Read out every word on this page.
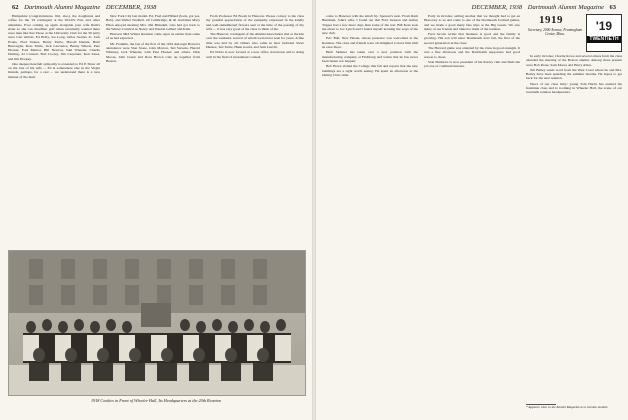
62 Dartmouth Alumni Magazine DECEMBER, 1938

Hampshire (congratulations, Jim, also), the doughnuts and coffee for the '19 contingent at the World's Fair, and other amenities. Ever coming up again alongside your wife Ruth's sister so she can chauffeur golf when eventually wanted there were men like Sue Those at the University Club for the 50 party were Curt Abbott, Ed Holly, Joe Long, Gilles Searles Jr., Jack Evans, Fred Stokes, Henry Tuttle, Harold Dennis, Herb Burroughs, Ross Tuttle, Jack Lawrence, Benny Wilson, Pete Hooker, Fred Mentor, Bill Newton, Sam Wheeler, Charlie Darling, Al Crossett, Bob Cooley, Jim Carpenter, Ken Jones, and Jim Hockey.

One deepest heartfelt sympathy is extended to Ed P. Shaw all on the loss of his wife ... Ed is somewhere else in the Virgin Islands, perhaps, for a rest ... we understand there is a new manner of the mail.

New York City last month. Ed, Fred and Hillard (back, got yes, Bob), and Weller Waddell. Of Cambridge, & all doubtless Mary Ellen enjoyed meeting Mrs. Jim Blaisdell, who had got back to the Winter Carnival as Nancy and Weston Gilbert and Kath.

Hanover Mid-Winter Reunion came upon us earlier than some of us had expected.

Mr. Franklin, the last of the first of the 1919 Amongst Boston's attendance were Stan Stone, John Morton, Ted Stevens, Harold Whitney, Jack Wheeler, with Pete Hooker and others. Dick Moore, John Green and Ross Brown rode up together from Boston.

From Professor Ed Booth in Hanover. Please convey to the class my grateful appreciation of the sympathy expressed in the kindly and well-remembered flowers sent at the time of the passing of my wife ... it was very good of the class to think of me.

The Hanover contingent of the Alumni Association met at the Inn over the weekend, several of whom we had not seen for years. A fine time was had by all. Others who came in later included Steve Durkee, Ted Tuttle, Hank Gould, and Sam Leavitt.

Ed Noble is now located at a new office downtown and is doing well in the field of investment counsel.

1918 Cookies in Front of Wheeler Hall, Its Headquarters at the 20th Reunion
DECEMBER, 1938 Dartmouth Alumni Magazine 63

come to Hanover with the small fry. Spencer's next. From Ruth Burnham, John's wife, I found out that Fred Jackson and Arthur Tupper had a few more days than some of the rest. Bill Kent took me about to Joe Lynch and I found myself learning the ways of the new club.

Eric Ball, New Haven, whose presence was welcomed at the Reunion. The class and friends were all delighted to have him with us once more.

Herb Skinner has taken over a new position with the manufacturing company at Fitchburg and writes that he has never been busier nor happier.

Bob Howe visited the College this fall and reports that the new buildings are a sight worth seeing. He spent an afternoon at the Outing Club cabin.

Early in October, sailing another that we thought had to get an Honorary to us and come to one of the Dartmouth football games, and we made a good many fine trips at the Big Green. We saw many of our friends and talked to them of the reunion.

Fred Jacobs writes that business is good and the family is growing. His son will enter Dartmouth next fall, the first of the second generation in the class.

The Harvard game was attended by the class in good strength. It was a fine afternoon and the Dartmouth supporters had good reason to cheer.

Stan Mathews is now president of his Rotary club and finds the job one of continual interest.

1919
Secretary, 2000 Avenue, Framingham Center, Mass.
'19
TWENTIETH

In early October, Charlie Rowe and several others from the class attended the meeting of the Boston alumni. Among those present were Bob Pease, Sam Moore and Harry Allen.

Jim Bailey sends word from the West Coast where he and Mrs. Bailey have been spending the summer months. He hopes to get back for the next reunion.

News of our class baby: young Tom Hardy has entered the freshman class and is rooming in Wheeler Hall, the scene of our twentieth reunion headquarters.

* Appears, also, in the Alumni Magazine as a reunion number.
